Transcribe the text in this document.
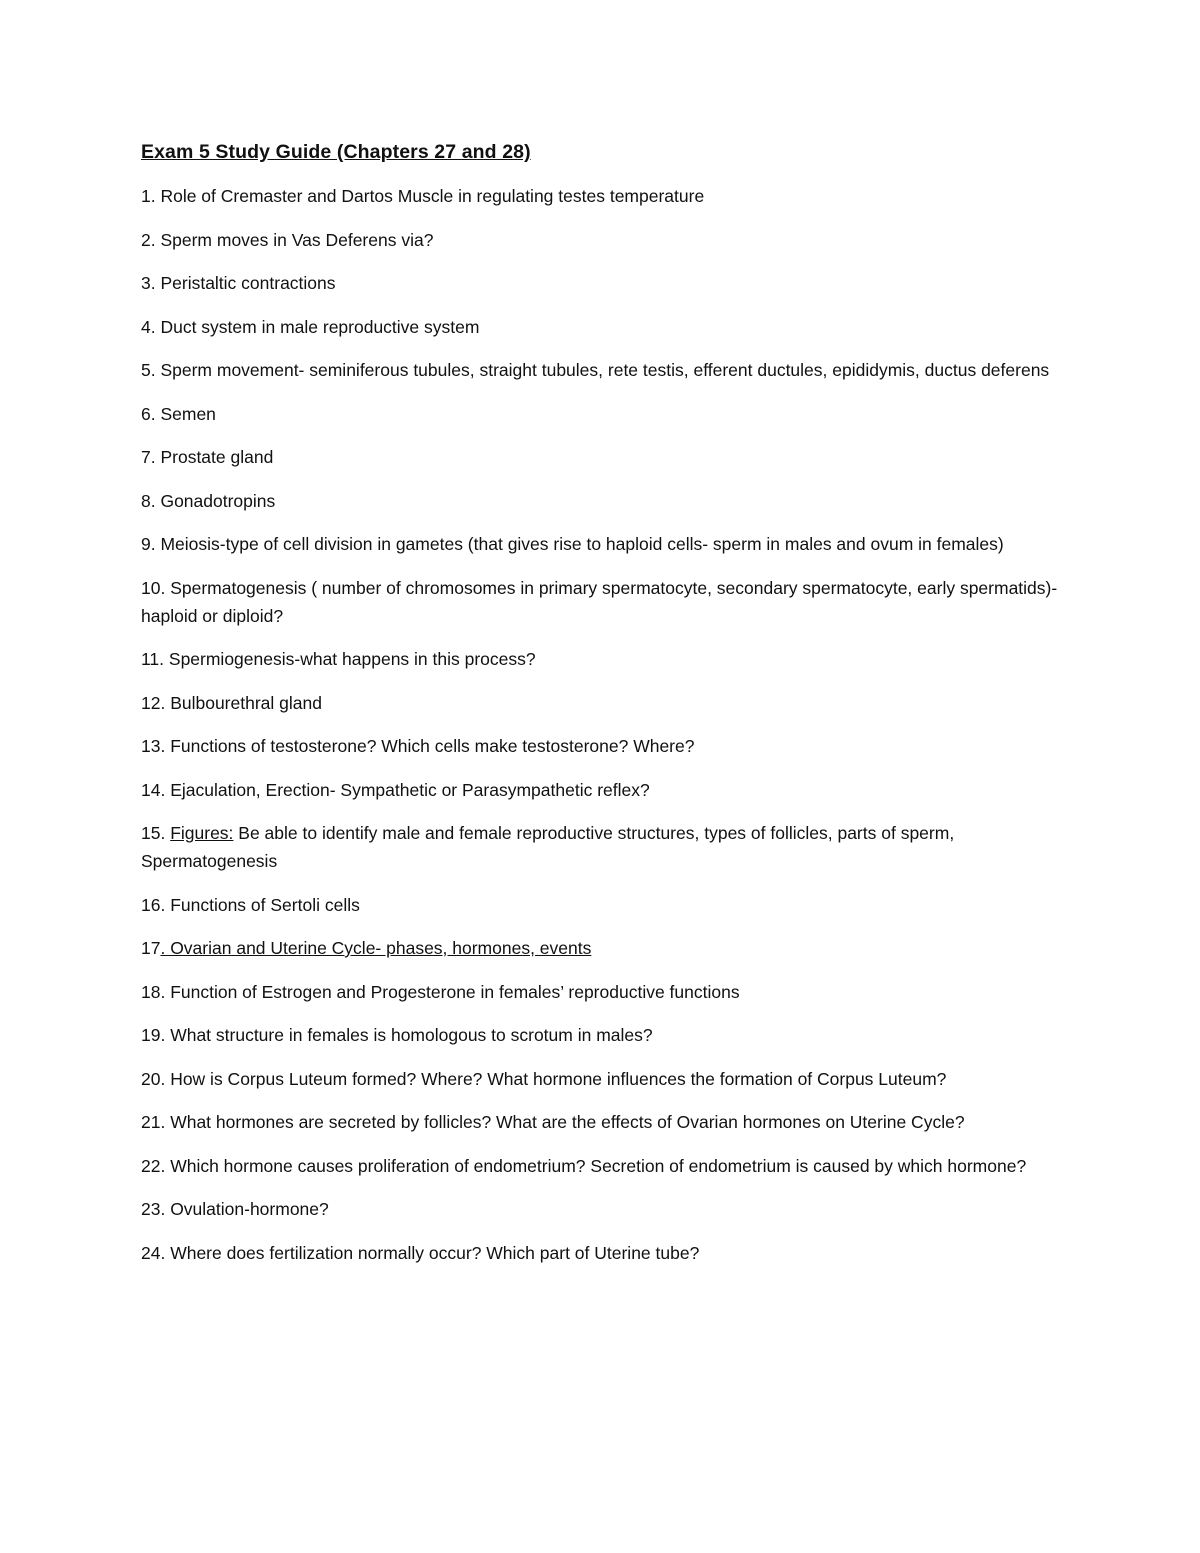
Exam 5 Study Guide (Chapters 27 and 28)
1. Role of Cremaster and Dartos Muscle in regulating testes temperature
2. Sperm moves in Vas Deferens via?
3. Peristaltic contractions
4. Duct system in male reproductive system
5. Sperm movement- seminiferous tubules, straight tubules, rete testis, efferent ductules, epididymis, ductus deferens
6. Semen
7. Prostate gland
8. Gonadotropins
9. Meiosis-type of cell division in gametes (that gives rise to haploid cells- sperm in males and ovum in females)
10. Spermatogenesis ( number of chromosomes in primary spermatocyte, secondary spermatocyte, early spermatids)- haploid or diploid?
11. Spermiogenesis-what happens in this process?
12. Bulbourethral gland
13. Functions of testosterone? Which cells make testosterone? Where?
14. Ejaculation, Erection- Sympathetic or Parasympathetic reflex?
15. Figures: Be able to identify male and female reproductive structures, types of follicles, parts of sperm, Spermatogenesis
16. Functions of Sertoli cells
17. Ovarian and Uterine Cycle- phases, hormones, events
18. Function of Estrogen and Progesterone in females’ reproductive functions
19. What structure in females is homologous to scrotum in males?
20. How is Corpus Luteum formed? Where? What hormone influences the formation of Corpus Luteum?
21. What hormones are secreted by follicles? What are the effects of Ovarian hormones on Uterine Cycle?
22. Which hormone causes proliferation of endometrium? Secretion of endometrium is caused by which hormone?
23. Ovulation-hormone?
24. Where does fertilization normally occur? Which part of Uterine tube?
